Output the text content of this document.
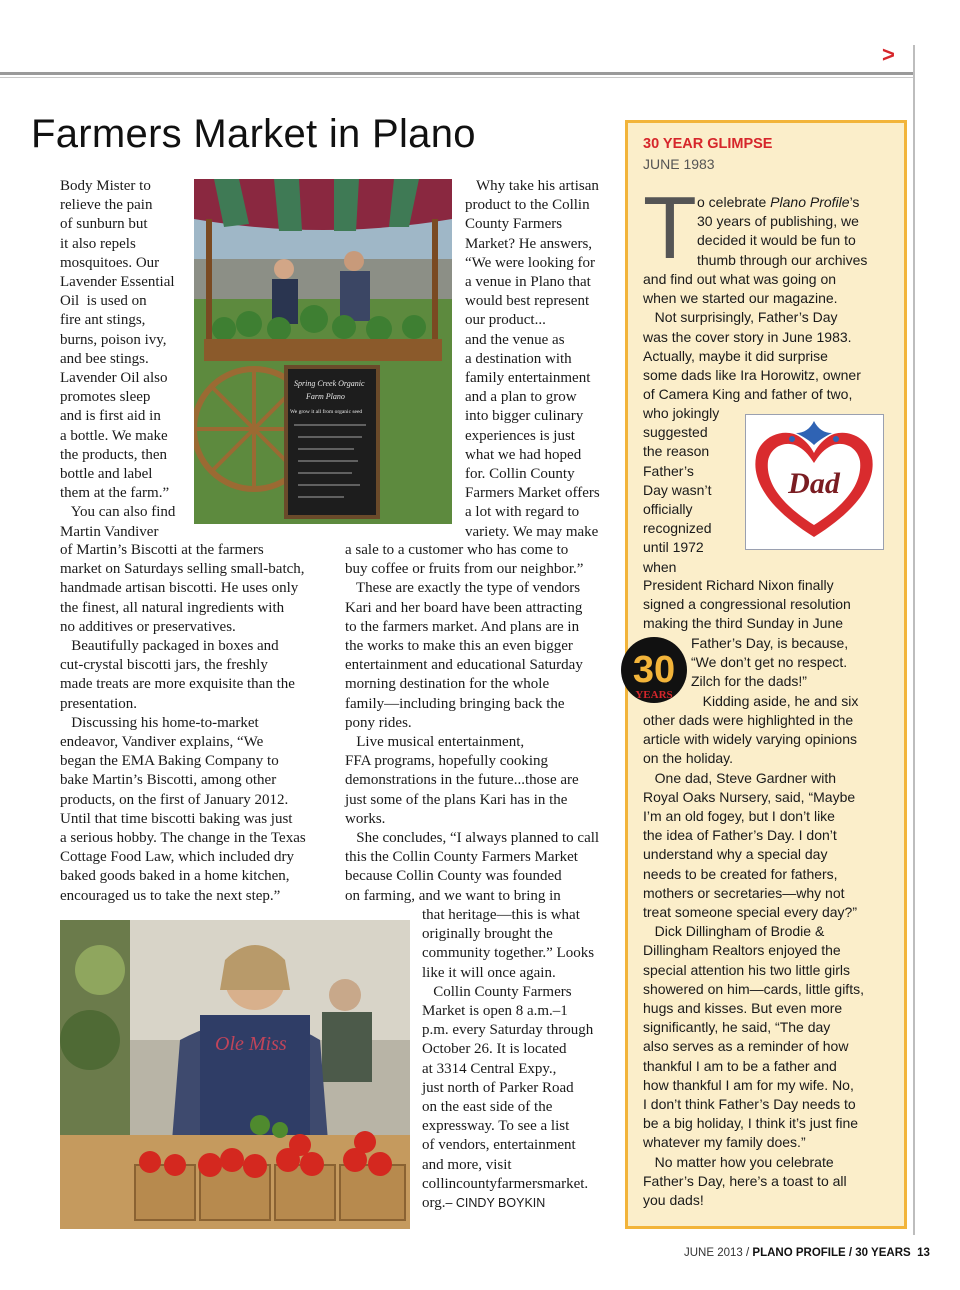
>
Farmers Market in Plano

Body Mister to

relieve the pain

of sunburn but

it also repels

mosquitoes. Our

Lavender Essential

Oil  is used on

fire ant stings,

burns, poison ivy,

and bee stings.

Lavender Oil also

promotes sleep

and is first aid in

a bottle. We make

the products, then

bottle and label

them at the farm.”

You can also find

Martin Vandiver

of Martin’s Biscotti at the farmers

market on Saturdays selling small-batch,

handmade artisan biscotti. He uses only

the finest, all natural ingredients with

no additives or preservatives.

Beautifully packaged in boxes and

cut-crystal biscotti jars, the freshly

made treats are more exquisite than the

presentation.

Discussing his home-to-market

endeavor, Vandiver explains, “We

began the EMA Baking Company to

bake Martin’s Biscotti, among other

products, on the first of January 2012.

Until that time biscotti baking was just

a serious hobby. The change in the Texas

Cottage Food Law, which included dry

baked goods baked in a home kitchen,

encouraged us to take the next step.”

Spring Creek Organic
Farm Plano
We grow it all from organic seed

Why take his artisan

product to the Collin

County Farmers

Market? He answers,

“We were looking for

a venue in Plano that

would best represent

our product...

and the venue as

a destination with

family entertainment

and a plan to grow

into bigger culinary

experiences is just

what we had hoped

for. Collin County

Farmers Market offers

a lot with regard to

variety. We may make

a sale to a customer who has come to

buy coffee or fruits from our neighbor.”

These are exactly the type of vendors

Kari and her board have been attracting

to the farmers market. And plans are in

the works to make this an even bigger

entertainment and educational Saturday

morning destination for the whole

family—including bringing back the

pony rides.

Live musical entertainment,

FFA programs, hopefully cooking

demonstrations in the future...those are

just some of the plans Kari has in the

works.

She concludes, “I always planned to call

this the Collin County Farmers Market

because Collin County was founded

on farming, and we want to bring in

that heritage—this is what

originally brought the

community together.” Looks

like it will once again.

Collin County Farmers

Market is open 8 a.m.–1

p.m. every Saturday through

October 26. It is located

at 3314 Central Expy.,

just north of Parker Road

on the east side of the

expressway. To see a list

of vendors, entertainment

and more, visit

collincountyfarmersmarket.

org.– CINDY BOYKIN

Ole Miss
30 YEAR GLIMPSE
JUNE 1983
T o celebrate Plano Profile’s

30 years of publishing, we

decided it would be fun to

thumb through our archives

and find out what was going on

when we started our magazine.

Not surprisingly, Father’s Day

was the cover story in June 1983.

Actually, maybe it did surprise

some dads like Ira Horowitz, owner

of Camera King and father of two,

who jokingly

suggested

the reason

Father’s

Day wasn’t

officially

recognized

until 1972

when

Dad

President Richard Nixon finally

signed a congressional resolution

making the third Sunday in June

30
YEARS

Father’s Day, is because,

“We don’t get no respect.

Zilch for the dads!”

Kidding aside, he and six

other dads were highlighted in the

article with widely varying opinions

on the holiday.

One dad, Steve Gardner with

Royal Oaks Nursery, said, “Maybe

I’m an old fogey, but I don’t like

the idea of Father’s Day. I don’t

understand why a special day

needs to be created for fathers,

mothers or secretaries—why not

treat someone special every day?”

Dick Dillingham of Brodie &

Dillingham Realtors enjoyed the

special attention his two little girls

showered on him—cards, little gifts,

hugs and kisses. But even more

significantly, he said, “The day

also serves as a reminder of how

thankful I am to be a father and

how thankful I am for my wife. No,

I don’t think Father’s Day needs to

be a big holiday, I think it’s just fine

whatever my family does.”

No matter how you celebrate

Father’s Day, here’s a toast to all

you dads!

JUNE 2013 / PLANO PROFILE / 30 YEARS 13
